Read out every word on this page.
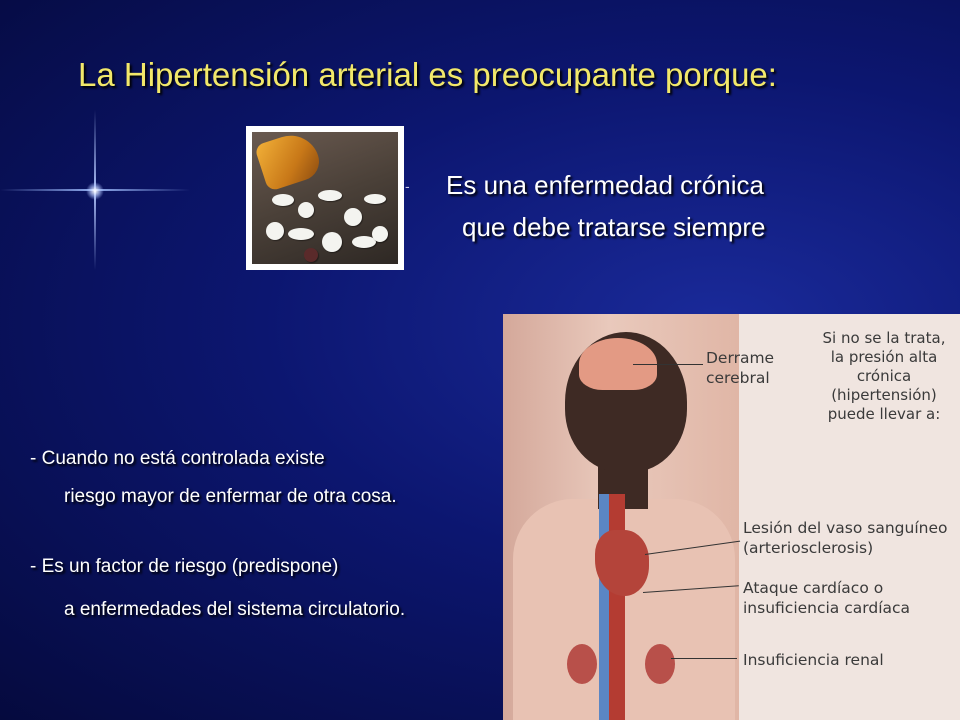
La Hipertensión arterial es preocupante porque:
- Es una enfermedad crónica
que debe tratarse siempre

Derrame
cerebral
Lesión del vaso sanguíneo
(arteriosclerosis)
Ataque cardíaco o
insuficiencia cardíaca
Insuficiencia renal
Si no se la trata,
la presión alta
crónica
(hipertensión)
puede llevar a:

- Cuando no está controlada existe

riesgo mayor de enfermar de otra cosa.

- Es un factor de riesgo (predispone)

a enfermedades del sistema circulatorio.
